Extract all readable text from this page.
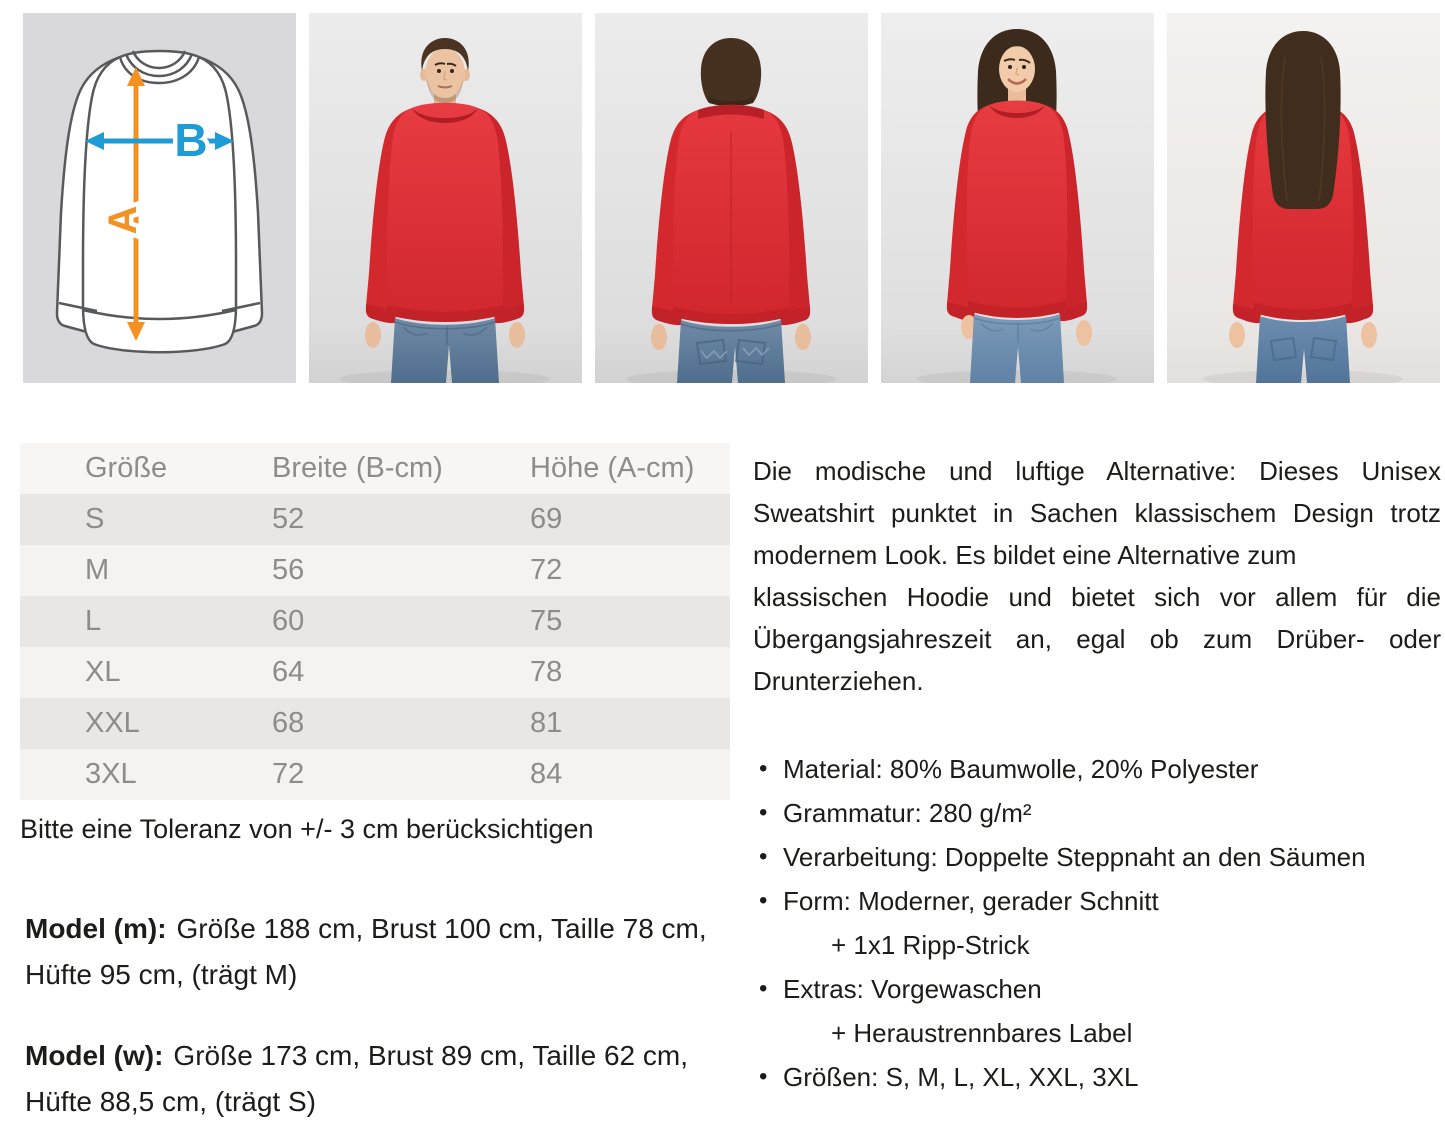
A
B
Größe	Breite (B-cm)	Höhe (A-cm)
S	52	69
M	56	72
L	60	75
XL	64	78
XXL	68	81
3XL	72	84

Bitte eine Toleranz von +/- 3 cm berücksichtigen

Model (m): Größe 188 cm, Brust 100 cm, Taille 78 cm, Hüfte 95 cm, (trägt M)

Model (w): Größe 173 cm, Brust 89 cm, Taille 62 cm, Hüfte 88,5 cm, (trägt S)

Die modische und luftige Alternative: Dieses Unisex
Sweatshirt punktet in Sachen klassischem Design trotz
modernem Look. Es bildet eine Alternative zum
klassischen Hoodie und bietet sich vor allem für die
Übergangsjahreszeit an, egal ob zum Drüber- oder
Drunterziehen.
• Material: 80% Baumwolle, 20% Polyester
• Grammatur: 280 g/m²
• Verarbeitung: Doppelte Steppnaht an den Säumen
• Form: Moderner, gerader Schnitt
+ 1x1 Ripp-Strick
• Extras: Vorgewaschen
+ Heraustrennbares Label
• Größen: S, M, L, XL, XXL, 3XL
